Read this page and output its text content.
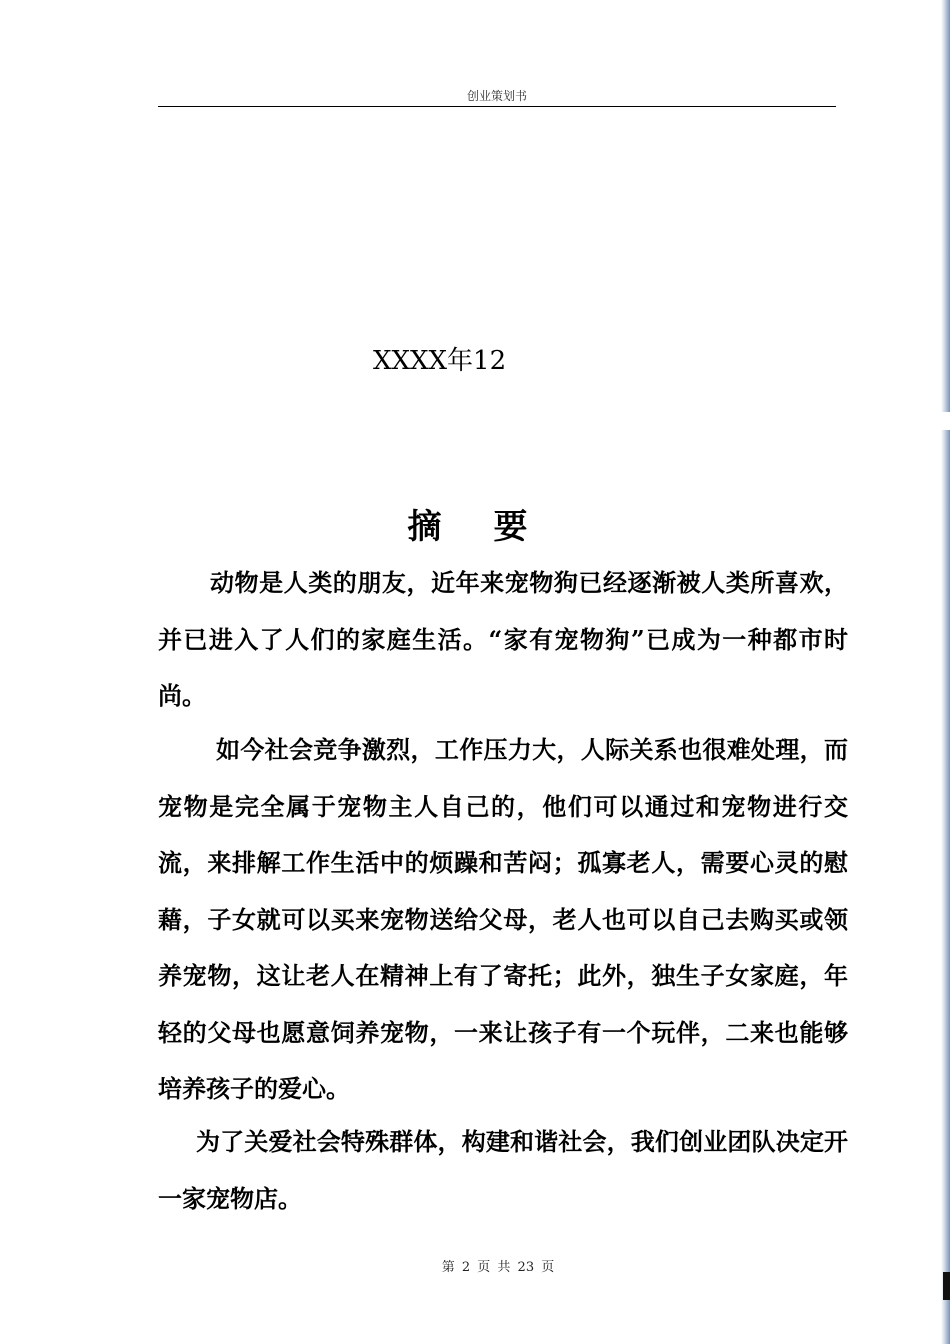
创业策划书
XXXX年12
摘要
动物是人类的朋友，近年来宠物狗已经逐渐被人类所喜欢，并已进入了人们的家庭生活。“家有宠物狗”已成为一种都市时尚。
如今社会竞争激烈，工作压力大，人际关系也很难处理，而宠物是完全属于宠物主人自己的，他们可以通过和宠物进行交流，来排解工作生活中的烦躁和苦闷；孤寡老人，需要心灵的慰藉，子女就可以买来宠物送给父母，老人也可以自己去购买或领养宠物，这让老人在精神上有了寄托；此外，独生子女家庭，年轻的父母也愿意饲养宠物，一来让孩子有一个玩伴，二来也能够培养孩子的爱心。
为了关爱社会特殊群体，构建和谐社会，我们创业团队决定开一家宠物店。
第 2 页 共 23 页
